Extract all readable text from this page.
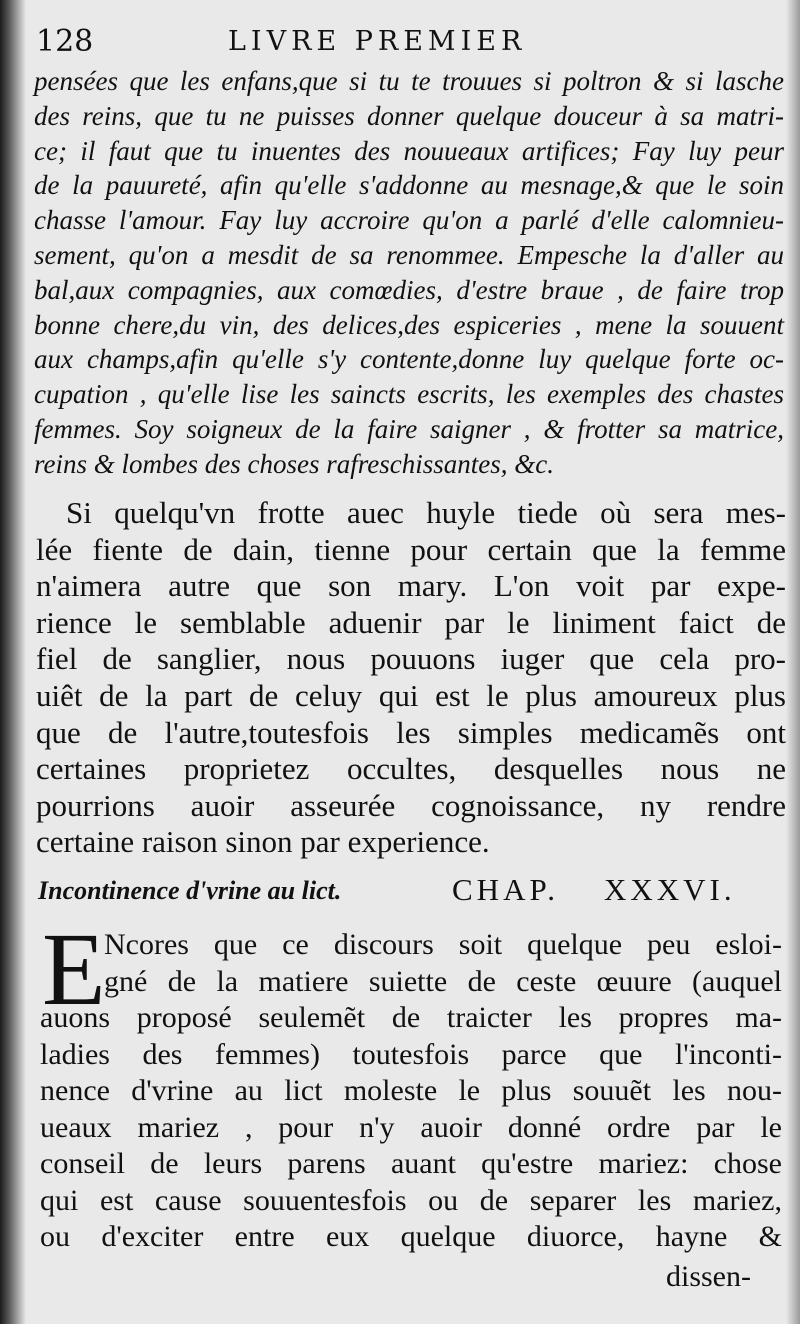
128	LIVRE PREMIER
pensées que les enfans,que si tu te trouues si poltron & si lasche
des reins, que tu ne puisses donner quelque douceur à sa matri-
ce; il faut que tu inuentes des nouueaux artifices; Fay luy peur
de la pauureté, afin qu'elle s'addonne au mesnage,& que le soin
chasse l'amour. Fay luy accroire qu'on a parlé d'elle calomnieu-
sement, qu'on a mesdit de sa renommee. Empesche la d'aller au
bal,aux compagnies, aux comœdies, d'estre braue , de faire trop
bonne chere,du vin, des delices,des espiceries , mene la souuent
aux champs,afin qu'elle s'y contente,donne luy quelque forte oc-
cupation , qu'elle lise les saincts escrits, les exemples des chastes
femmes. Soy soigneux de la faire saigner , & frotter sa matrice,
reins & lombes des choses rafreschissantes, &c.
Si quelqu'vn frotte auec huyle tiede où sera mes-
lée fiente de dain, tienne pour certain que la femme
n'aimera autre que son mary. L'on voit par expe-
rience le semblable aduenir par le liniment faict de
fiel de sanglier, nous pouuons iuger que cela pro-
uiêt de la part de celuy qui est le plus amoureux plus
que de l'autre,toutesfois les simples medicamẽs ont
certaines proprietez occultes, desquelles nous ne
pourrions auoir asseurée cognoissance, ny rendre
certaine raison sinon par experience.
Incontinence d'vrine au lict.	CHAP. XXXVI.
E
Ncores que ce discours soit quelque peu esloi-
gné de la matiere suiette de ceste œuure (auquel
auons proposé seulemẽt de traicter les propres ma-
ladies des femmes) toutesfois parce que l'inconti-
nence d'vrine au lict moleste le plus souuẽt les nou-
ueaux mariez , pour n'y auoir donné ordre par le
conseil de leurs parens auant qu'estre mariez: chose
qui est cause souuentesfois ou de separer les mariez,
ou d'exciter entre eux quelque diuorce, hayne &
dissen-
